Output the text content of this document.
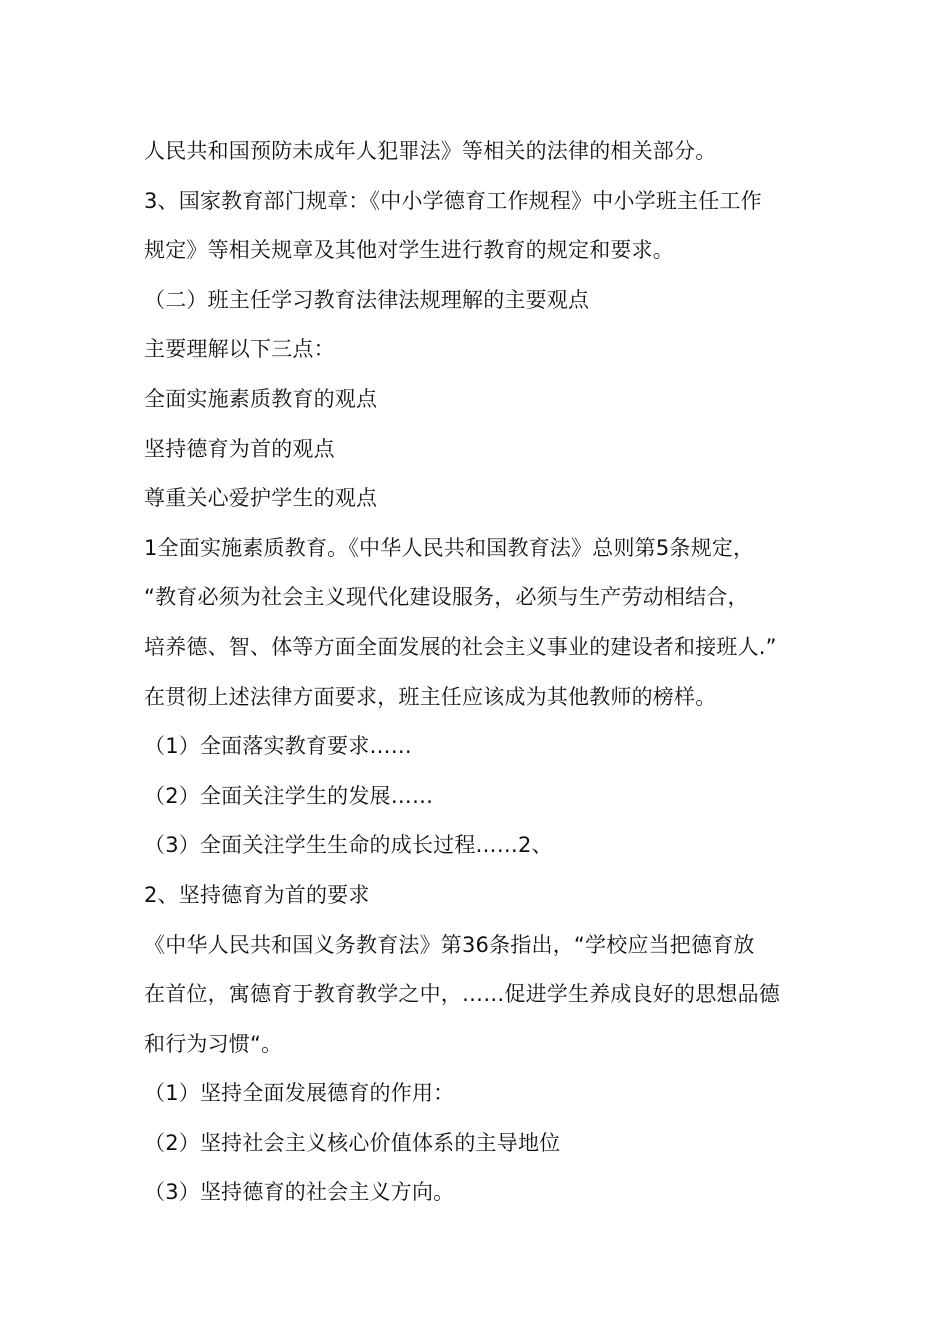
人民共和国预防未成年人犯罪法》等相关的法律的相关部分。
3、国家教育部门规章：《中小学德育工作规程》中小学班主任工作
规定》等相关规章及其他对学生进行教育的规定和要求。
（二）班主任学习教育法律法规理解的主要观点
主要理解以下三点：
全面实施素质教育的观点
坚持德育为首的观点
尊重关心爱护学生的观点
1全面实施素质教育。《中华人民共和国教育法》总则第5条规定，
“教育必须为社会主义现代化建设服务，必须与生产劳动相结合，
培养德、智、体等方面全面发展的社会主义事业的建设者和接班人.”
在贯彻上述法律方面要求，班主任应该成为其他教师的榜样。
（1）全面落实教育要求……
（2）全面关注学生的发展……
（3）全面关注学生生命的成长过程……2、
2、坚持德育为首的要求
《中华人民共和国义务教育法》第36条指出，“学校应当把德育放
在首位，寓德育于教育教学之中，……促进学生养成良好的思想品德
和行为习惯“。
（1）坚持全面发展德育的作用：
（2）坚持社会主义核心价值体系的主导地位
（3）坚持德育的社会主义方向。
